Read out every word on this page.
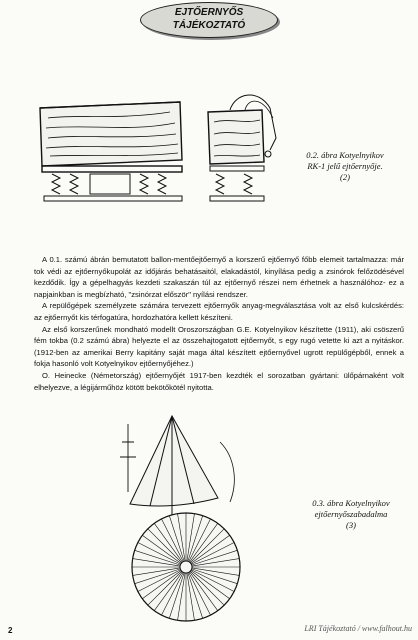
EJTŐERNYŐS
TÁJÉKOZTATÓ
0.2. ábra Kotyelnyikov
RK-1 jelű ejtőernyője.
(2)

A 0.1. számú ábrán bemutatott ballon-mentőejtőernyő a korszerű ejtőernyő főbb elemeit tartalmazza: már tok védi az ejtőernyőkupolát az időjárás behatásaitól, elakadástól, kinyílása pedig a zsinórok felőzödésével kezdődik. Így a gépelhagyás kezdeti szakaszán túl az ejtőernyő részei nem érhetnek a használóhoz- ez a napjainkban is megbízható, "zsinórzat először" nyílási rendszer.

A repülőgépek személyzete számára tervezett ejtőernyők anyag-megválasztása volt az első kulcskérdés: az ejtőernyőt kis térfogatúra, hordozhatóra kellett készíteni.

Az első korszerűnek mondható modellt Oroszországban G.E. Kotyelnyikov készítette (1911), aki csöszerű fém tokba (0.2 számú ábra) helyezte el az összehajtogatott ejtőernyőt, s egy rugó vetette ki azt a nyitáskor. (1912-ben az amerikai Berry kapitány saját maga által készített ejtőernyővel ugrott repülőgépből, ennek a fokja hasonló volt Kotyelnyikov ejtőernyőjéhez.)

O. Heinecke (Németország) ejtőernyőjét 1917-ben kezdték el sorozatban gyártani: ülőpárnaként volt elhelyezve, a légijárműhöz kötött bekötőkötél nyitotta.

0.3. ábra Kotyelnyikov
ejtőernyőszabadalma
(3)
2	LRI Tájékoztató / www.falhout.hu
